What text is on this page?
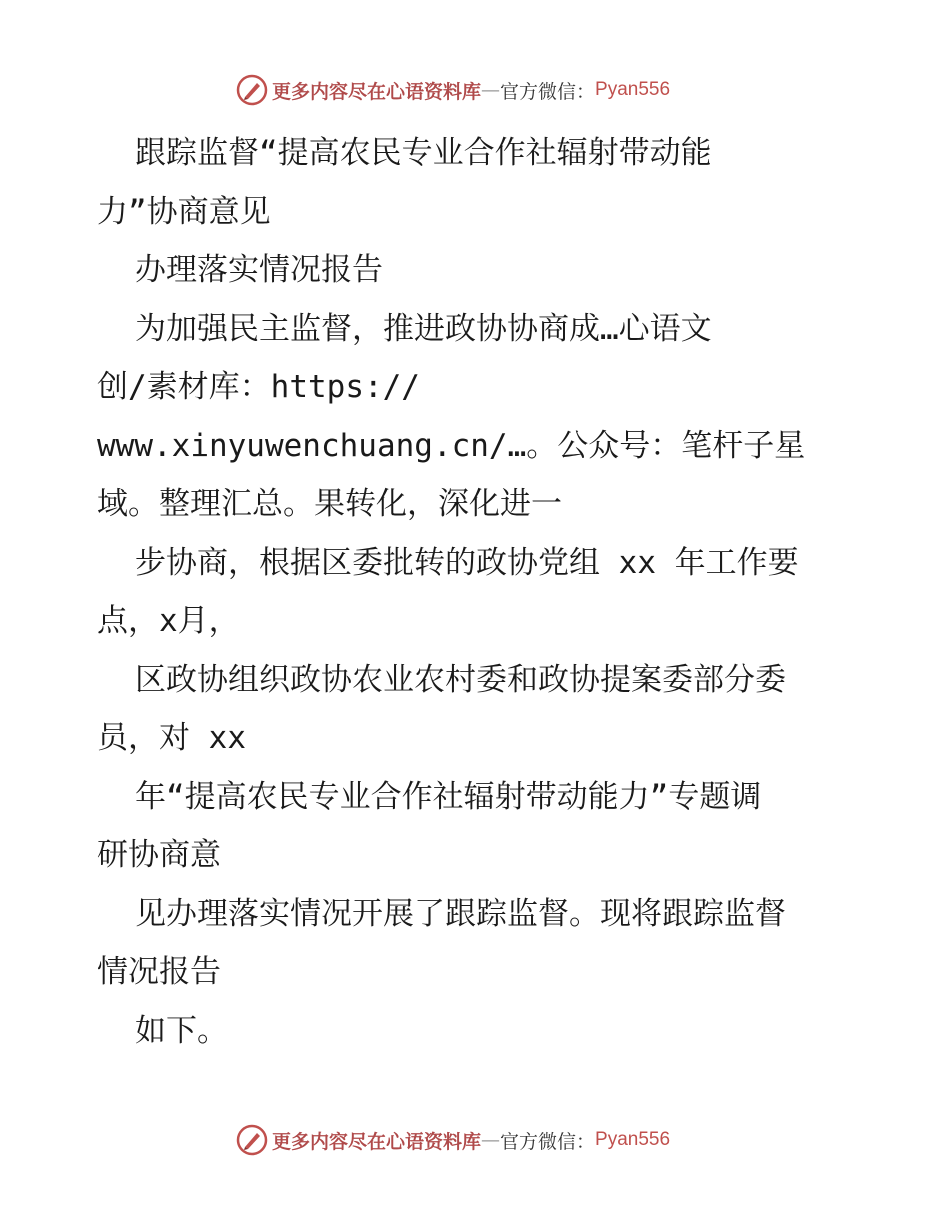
更多内容尽在心语资料库 — 官方微信： Pyan556
跟踪监督“提高农民专业合作社辐射带动能
力”协商意见
办理落实情况报告
为加强民主监督，推进政协协商成…心语文
创/素材库：https://
www.xinyuwenchuang.cn/…。公众号：笔杆子星
域。整理汇总。果转化，深化进一
步协商，根据区委批转的政协党组 xx 年工作要
点，x月，
区政协组织政协农业农村委和政协提案委部分委
员，对 xx
年“提高农民专业合作社辐射带动能力”专题调
研协商意
见办理落实情况开展了跟踪监督。现将跟踪监督
情况报告
如下。
更多内容尽在心语资料库 — 官方微信： Pyan556
